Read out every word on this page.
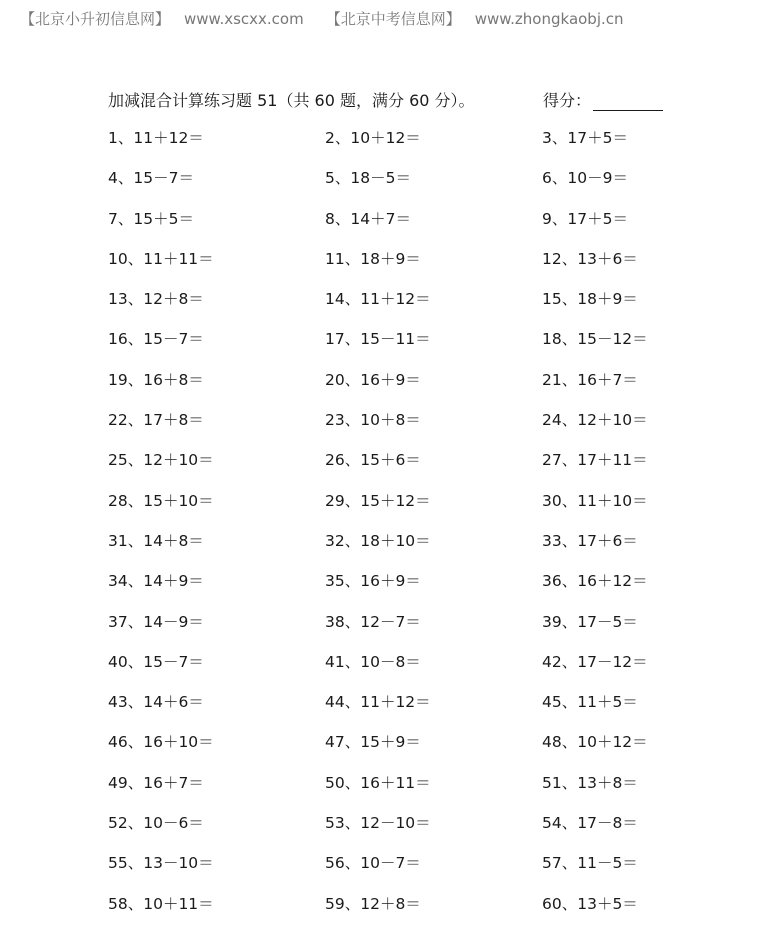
【北京小升初信息网】 www.xscxx.com 【北京中考信息网】 www.zhongkaobj.cn
加减混合计算练习题 51（共 60 题，满分 60 分）。	得分：
1、11＋12＝	2、10＋12＝	3、17＋5＝
4、15－7＝	5、18－5＝	6、10－9＝
7、15＋5＝	8、14＋7＝	9、17＋5＝
10、11＋11＝	11、18＋9＝	12、13＋6＝
13、12＋8＝	14、11＋12＝	15、18＋9＝
16、15－7＝	17、15－11＝	18、15－12＝
19、16＋8＝	20、16＋9＝	21、16＋7＝
22、17＋8＝	23、10＋8＝	24、12＋10＝
25、12＋10＝	26、15＋6＝	27、17＋11＝
28、15＋10＝	29、15＋12＝	30、11＋10＝
31、14＋8＝	32、18＋10＝	33、17＋6＝
34、14＋9＝	35、16＋9＝	36、16＋12＝
37、14－9＝	38、12－7＝	39、17－5＝
40、15－7＝	41、10－8＝	42、17－12＝
43、14＋6＝	44、11＋12＝	45、11＋5＝
46、16＋10＝	47、15＋9＝	48、10＋12＝
49、16＋7＝	50、16＋11＝	51、13＋8＝
52、10－6＝	53、12－10＝	54、17－8＝
55、13－10＝	56、10－7＝	57、11－5＝
58、10＋11＝	59、12＋8＝	60、13＋5＝
